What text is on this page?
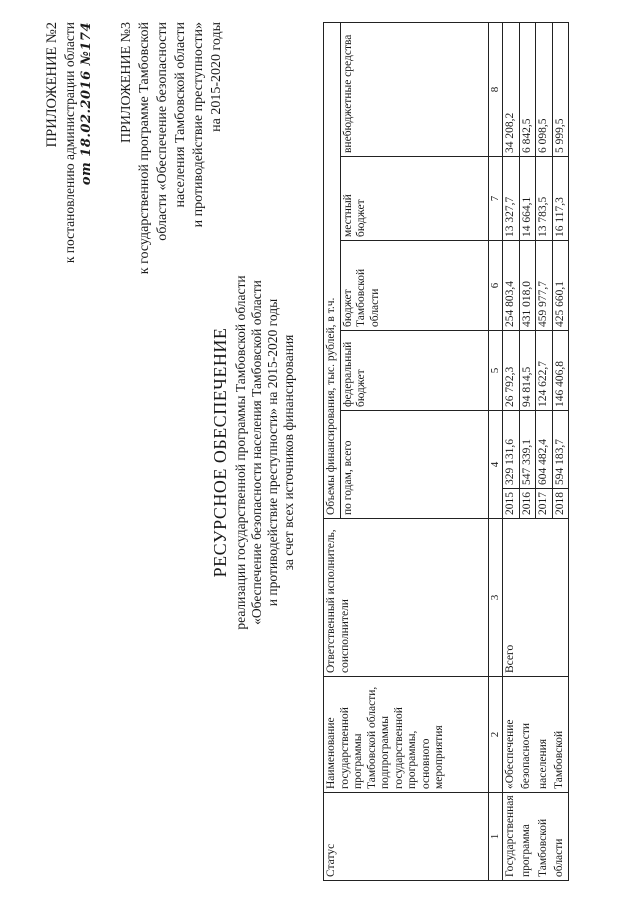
ПРИЛОЖЕНИЕ №2 к постановлению администрации области от 18.02.2016 №174 ПРИЛОЖЕНИЕ №3 к государственной программе Тамбовской области «Обеспечение безопасности населения Тамбовской области и противодействие преступности» на 2015-2020 годы
РЕСУРСНОЕ ОБЕСПЕЧЕНИЕ реализации государственной программы Тамбовской области «Обеспечение безопасности населения Тамбовской области и противодействие преступности» на 2015-2020 годы за счет всех источников финансирования
Статус	Наименование государственной программы Тамбовской области, подпрограммы государственной программы, основного мероприятия	Ответственный исполнитель, соисполнители	Объемы финансирования, тыс. рублей, в т.ч.					
			по годам, всего		федеральный бюджет	бюджет Тамбовской области	местный бюджет	внебюджетные средства
1	2	3	4		5	6	7	8
Государственная	«Обеспечение	Всего	2015	329 131,6	26 792,3	254 803,4	13 327,7	34 208,2
программа	безопасности		2016	547 339,1	94 814,5	431 018,0	14 664,1	6 842,5
Тамбовской	населения		2017	604 482,4	124 622,7	459 977,7	13 783,5	6 098,5
области	Тамбовской		2018	594 183,7	146 406,8	425 660,1	16 117,3	5 999,5
